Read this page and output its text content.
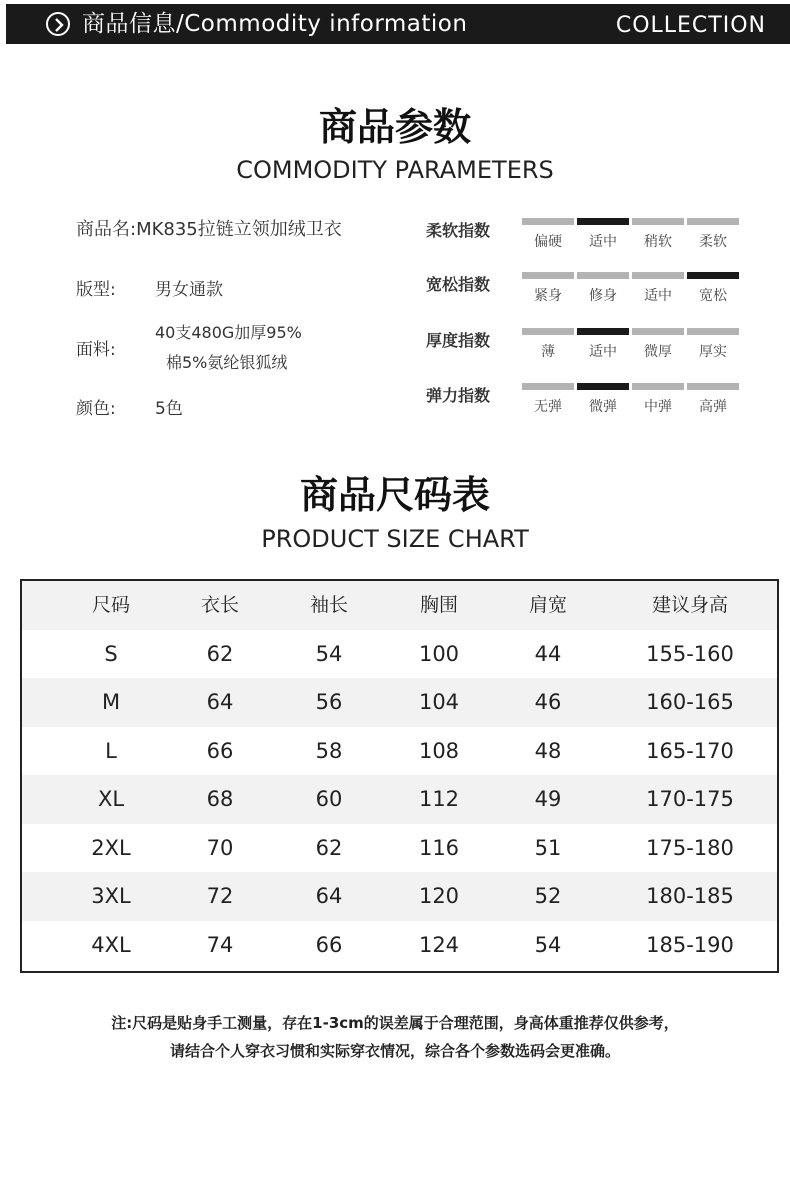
商品信息/Commodity information	COLLECTION
商品参数
COMMODITY PARAMETERS
商品名:MK835拉链立领加绒卫衣
版型: 男女通款
面料:
40支480G加厚95%
棉5%氨纶银狐绒
颜色: 5色
柔软指数
偏硬	适中	稍软	柔软
宽松指数
紧身	修身	适中	宽松
厚度指数
薄	适中	微厚	厚实
弹力指数
无弹	微弹	中弹	高弹
商品尺码表
PRODUCT SIZE CHART
尺码	衣长	袖长	胸围	肩宽	建议身高
S	62	54	100	44	155-160
M	64	56	104	46	160-165
L	66	58	108	48	165-170
XL	68	60	112	49	170-175
2XL	70	62	116	51	175-180
3XL	72	64	120	52	180-185
4XL	74	66	124	54	185-190
注:尺码是贴身手工测量，存在1-3cm的误差属于合理范围，身高体重推荐仅供参考，
请结合个人穿衣习惯和实际穿衣情况，综合各个参数选码会更准确。
